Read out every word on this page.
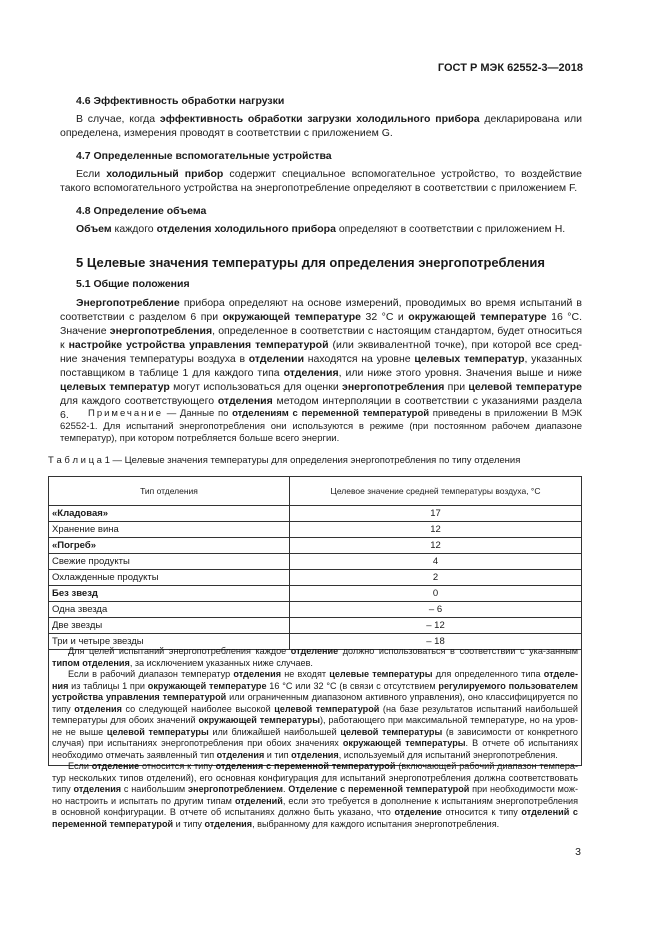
ГОСТ Р МЭК 62552-3—2018
4.6 Эффективность обработки нагрузки
В случае, когда эффективность обработки загрузки холодильного прибора декларирована или определена, измерения проводят в соответствии с приложением G.
4.7 Определенные вспомогательные устройства
Если холодильный прибор содержит специальное вспомогательное устройство, то воздействие такого вспомогательного устройства на энергопотребление определяют в соответствии с приложением F.
4.8 Определение объема
Объем каждого отделения холодильного прибора определяют в соответствии с приложением Н.
5 Целевые значения температуры для определения энергопотребления
5.1 Общие положения
Энергопотребление прибора определяют на основе измерений, проводимых во время испытаний в соответствии с разделом 6 при окружающей температуре 32 °С и окружающей температуре 16 °С. Значение энергопотребления, определенное в соответствии с настоящим стандартом, будет относиться к настройке устройства управления температурой (или эквивалентной точке), при которой все сред-ние значения температуры воздуха в отделении находятся на уровне целевых температур, указанных поставщиком в таблице 1 для каждого типа отделения, или ниже этого уровня. Значения выше и ниже целевых температур могут использоваться для оценки энергопотребления при целевой температуре для каждого соответствующего отделения методом интерполяции в соответствии с указаниями раздела 6.	Примечание — Данные по отделениям с переменной температурой приведены в приложении В МЭК 62552-1. Для испытаний энергопотребления они используются в режиме (при постоянном рабочем диапазоне температур), при котором потребляется больше всего энергии.
Т а б л и ц а 1 — Целевые значения температуры для определения энергопотребления по типу отделения
Тип отделения	Целевое значение средней температуры воздуха, °С
«Кладовая»	17
Хранение вина	12
«Погреб»	12
Свежие продукты	4
Охлажденные продукты	2
Без звезд	0
Одна звезда	– 6
Две звезды	– 12
Три и четыре звезды	– 18

Для целей испытаний энергопотребления каждое отделение должно использоваться в соответствии с ука-занным типом отделения, за исключением указанных ниже случаев.

Если в рабочий диапазон температур отделения не входят целевые температуры для определенного типа отделе-ния из таблицы 1 при окружающей температуре 16 °С или 32 °С (в связи с отсутствием регулируемого пользователем устройства управления температурой или ограниченным диапазоном активного управления), оно классифицируется по типу отделения со следующей наиболее высокой целевой температурой (на базе результатов испытаний наибольшей температуры для обоих значений окружающей температуры), работающего при максимальной температуре, но на уров-не не выше целевой температуры или ближайшей наибольшей целевой температуры (в зависимости от конкретного случая) при испытаниях энергопотребления при обоих значениях окружающей температуры. В отчете об испытаниях необходимо отмечать заявленный тип отделения и тип отделения, используемый для испытаний энергопотребления.

Если отделение относится к типу отделения с переменной температурой (включающей рабочий диапазон темпера-тур нескольких типов отделений), его основная конфигурация для испытаний энергопотребления должна соответствовать типу отделения с наибольшим энергопотреблением. Отделение с переменной температурой при необходимости мож-но настроить и испытать по другим типам отделений, если это требуется в дополнение к испытаниям энергопотребления в основной конфигурации. В отчете об испытаниях должно быть указано, что отделение относится к типу отделений с переменной температурой и типу отделения, выбранному для каждого испытания энергопотребления.

3
